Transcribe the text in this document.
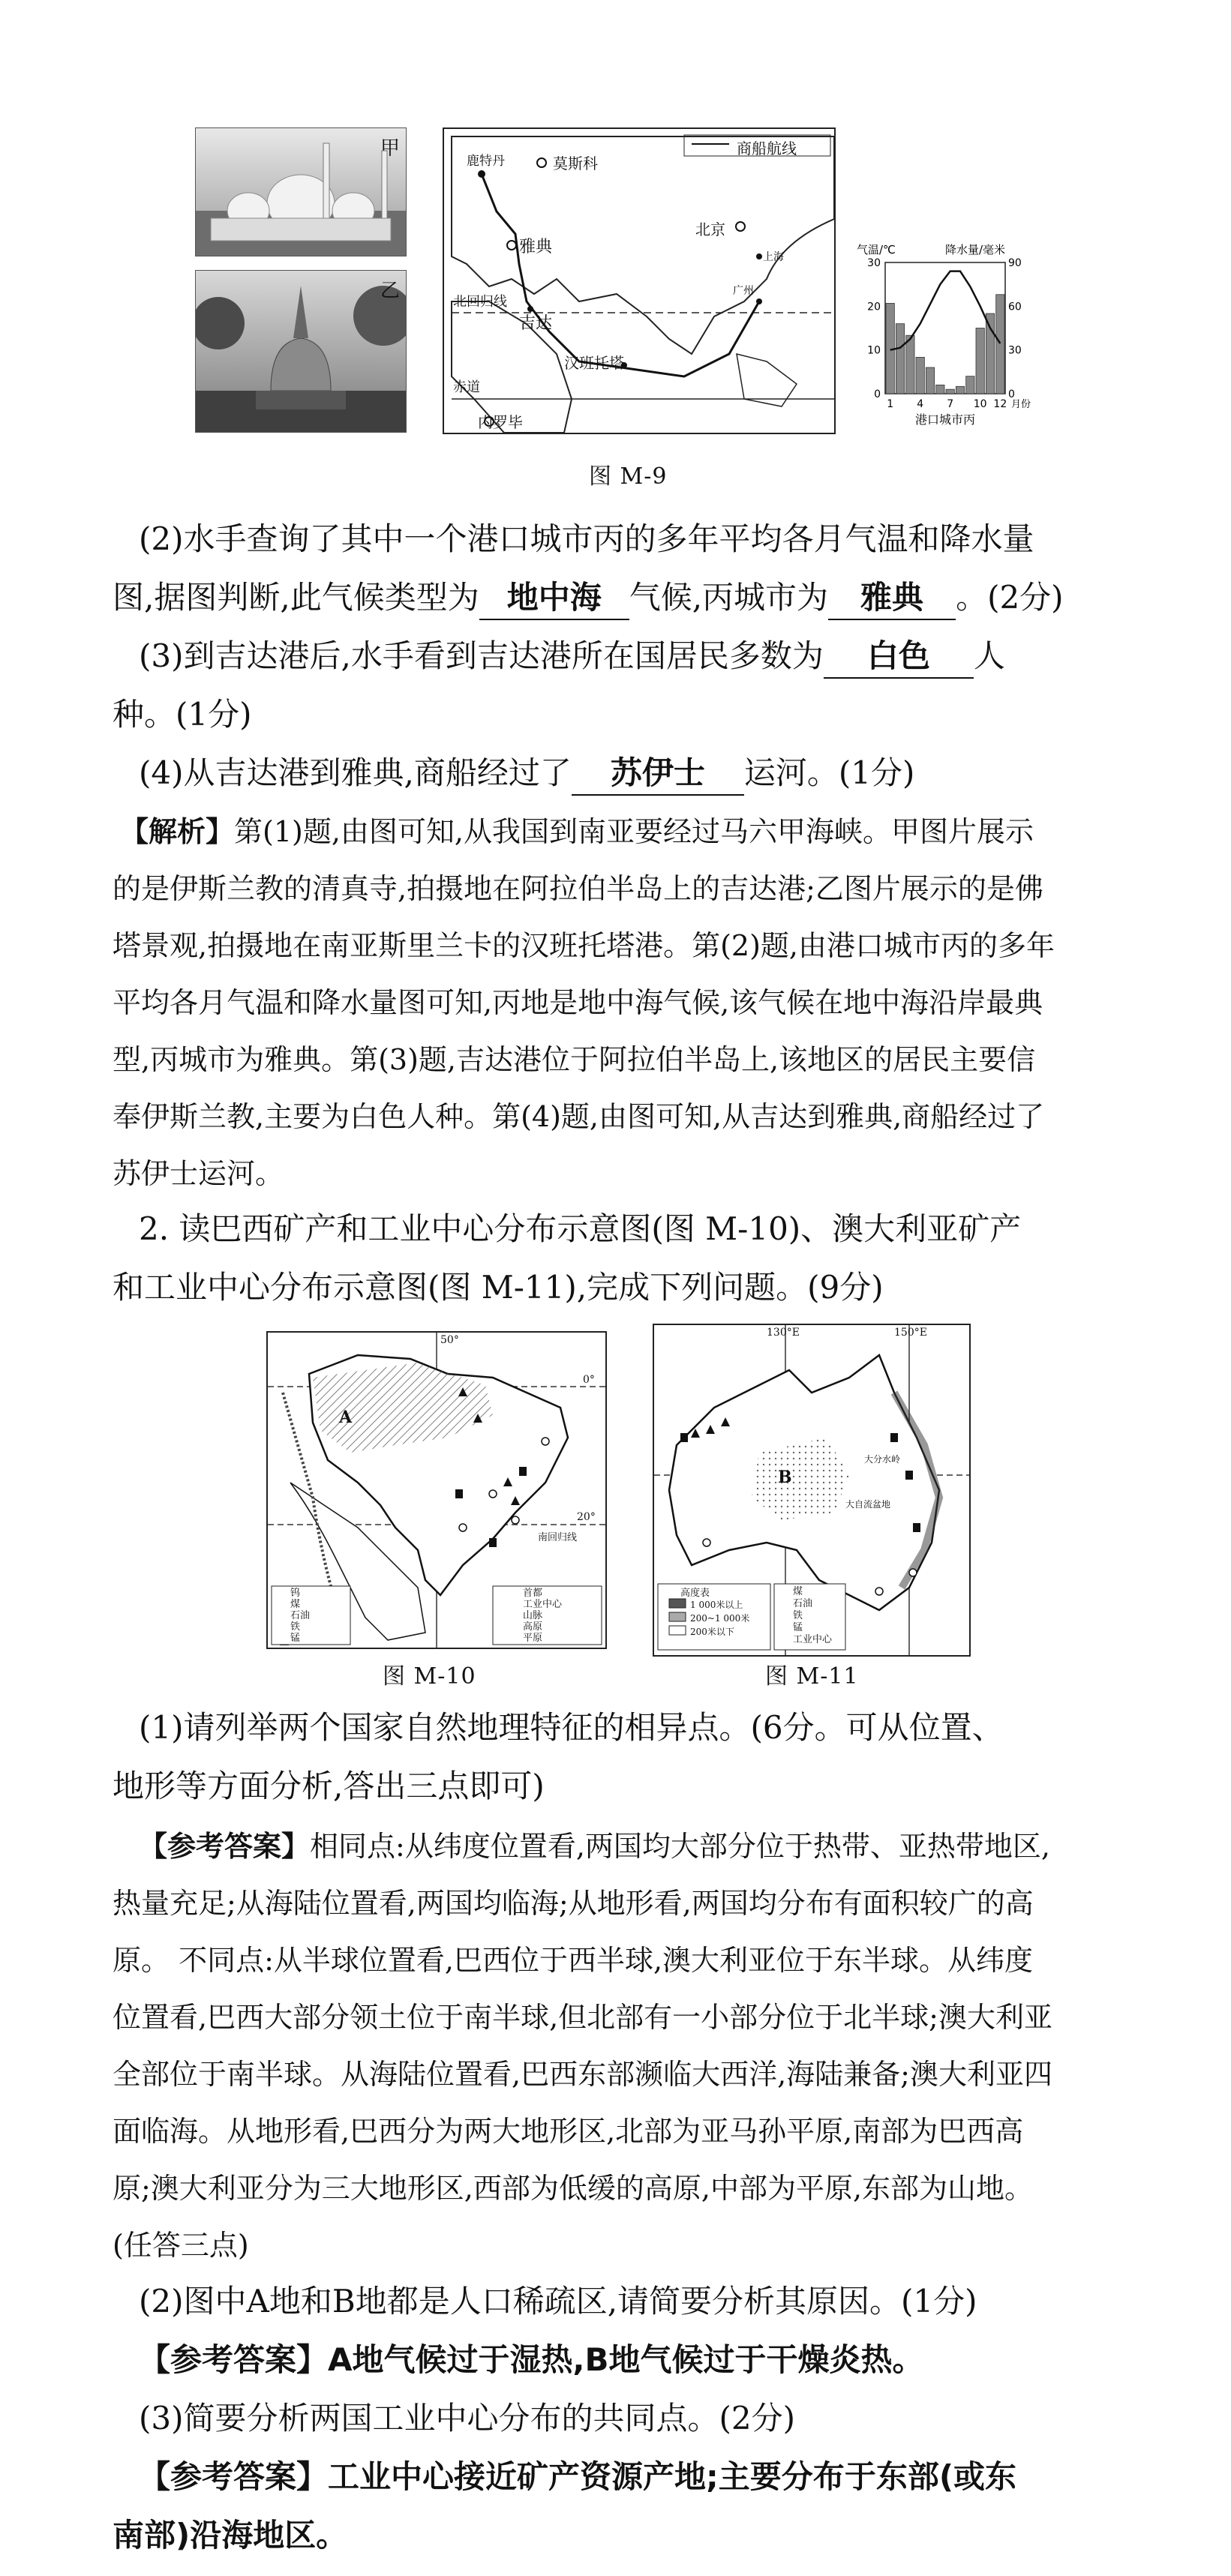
甲
乙
商船航线
鹿特丹	莫斯科
北京
上海
广州
雅典
吉达
汉班托塔
内罗毕
北回归线
赤道	0
10
20
30
0
30
60
90
1 4 7 10 12 月份
气温/℃	降水量/毫米
港口城市丙
图 M-9
(2)水手查询了其中一个港口城市丙的多年平均各月气温和降水量
图,据图判断,此气候类型为 地中海 气候,丙城市为 雅典 。(2分)
(3)到吉达港后,水手看到吉达港所在国居民多数为 白色 人
种。(1分)
(4)从吉达港到雅典,商船经过了 苏伊士 运河。(1分)
【解析】第(1)题,由图可知,从我国到南亚要经过马六甲海峡。甲图片展示
的是伊斯兰教的清真寺,拍摄地在阿拉伯半岛上的吉达港;乙图片展示的是佛
塔景观,拍摄地在南亚斯里兰卡的汉班托塔港。第(2)题,由港口城市丙的多年
平均各月气温和降水量图可知,丙地是地中海气候,该气候在地中海沿岸最典
型,丙城市为雅典。第(3)题,吉达港位于阿拉伯半岛上,该地区的居民主要信
奉伊斯兰教,主要为白色人种。第(4)题,由图可知,从吉达到雅典,商船经过了
苏伊士运河。
2. 读巴西矿产和工业中心分布示意图(图 M-10)、澳大利亚矿产
和工业中心分布示意图(图 M-11),完成下列问题。(9分)
50°
0°
20°
南回归线
A
钨
煤
石油
铁
锰
首都
工业中心
山脉
高原
平原
图 M-10
130°E	150°E
B
大分水岭
大自流盆地
高度表
1 000米以上
200~1 000米
200米以下
煤
石油
铁
锰
工业中心
图 M-11
(1)请列举两个国家自然地理特征的相异点。(6分。可从位置、
地形等方面分析,答出三点即可)
【参考答案】相同点:从纬度位置看,两国均大部分位于热带、亚热带地区,
热量充足;从海陆位置看,两国均临海;从地形看,两国均分布有面积较广的高
原。 不同点:从半球位置看,巴西位于西半球,澳大利亚位于东半球。从纬度
位置看,巴西大部分领土位于南半球,但北部有一小部分位于北半球;澳大利亚
全部位于南半球。从海陆位置看,巴西东部濒临大西洋,海陆兼备;澳大利亚四
面临海。从地形看,巴西分为两大地形区,北部为亚马孙平原,南部为巴西高
原;澳大利亚分为三大地形区,西部为低缓的高原,中部为平原,东部为山地。
(任答三点)
(2)图中A地和B地都是人口稀疏区,请简要分析其原因。(1分)
【参考答案】A地气候过于湿热,B地气候过于干燥炎热。
(3)简要分析两国工业中心分布的共同点。(2分)
【参考答案】工业中心接近矿产资源产地;主要分布于东部(或东
南部)沿海地区。
